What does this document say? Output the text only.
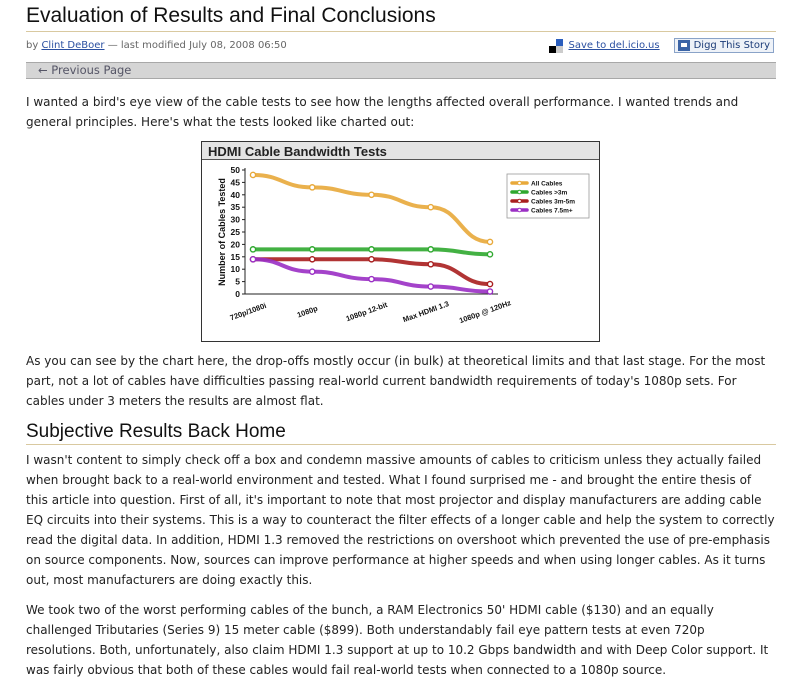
Evaluation of Results and Final Conclusions
by Clint DeBoer — last modified July 08, 2008 06:50	Save to del.icio.us	Digg This Story
← Previous Page

I wanted a bird's eye view of the cable tests to see how the lengths affected overall performance. I wanted trends and general principles. Here's what the tests looked like charted out:

HDMI Cable Bandwidth Tests
0
5
10
15
20
25
30
35
40
45
50
Number of Cables Tested
720p/1080i	1080p	1080p 12-bit Max HDMI 1.3 1080p @ 120Hz
All Cables
Cables >3m
Cables 3m-5m
Cables 7.5m+

As you can see by the chart here, the drop-offs mostly occur (in bulk) at theoretical limits and that last stage. For the most part, not a lot of cables have difficulties passing real-world current bandwidth requirements of today's 1080p sets. For cables under 3 meters the results are almost flat.

Subjective Results Back Home

I wasn't content to simply check off a box and condemn massive amounts of cables to criticism unless they actually failed when brought back to a real-world environment and tested. What I found surprised me - and brought the entire thesis of this article into question. First of all, it's important to note that most projector and display manufacturers are adding cable EQ circuits into their systems. This is a way to counteract the filter effects of a longer cable and help the system to correctly read the digital data. In addition, HDMI 1.3 removed the restrictions on overshoot which prevented the use of pre-emphasis on source components. Now, sources can improve performance at higher speeds and when using longer cables. As it turns out, most manufacturers are doing exactly this.

We took two of the worst performing cables of the bunch, a RAM Electronics 50' HDMI cable ($130) and an equally challenged Tributaries (Series 9) 15 meter cable ($899). Both understandably fail eye pattern tests at even 720p resolutions. Both, unfortunately, also claim HDMI 1.3 support at up to 10.2 Gbps bandwidth and with Deep Color support. It was fairly obvious that both of these cables would fail real-world tests when connected to a 1080p source.
